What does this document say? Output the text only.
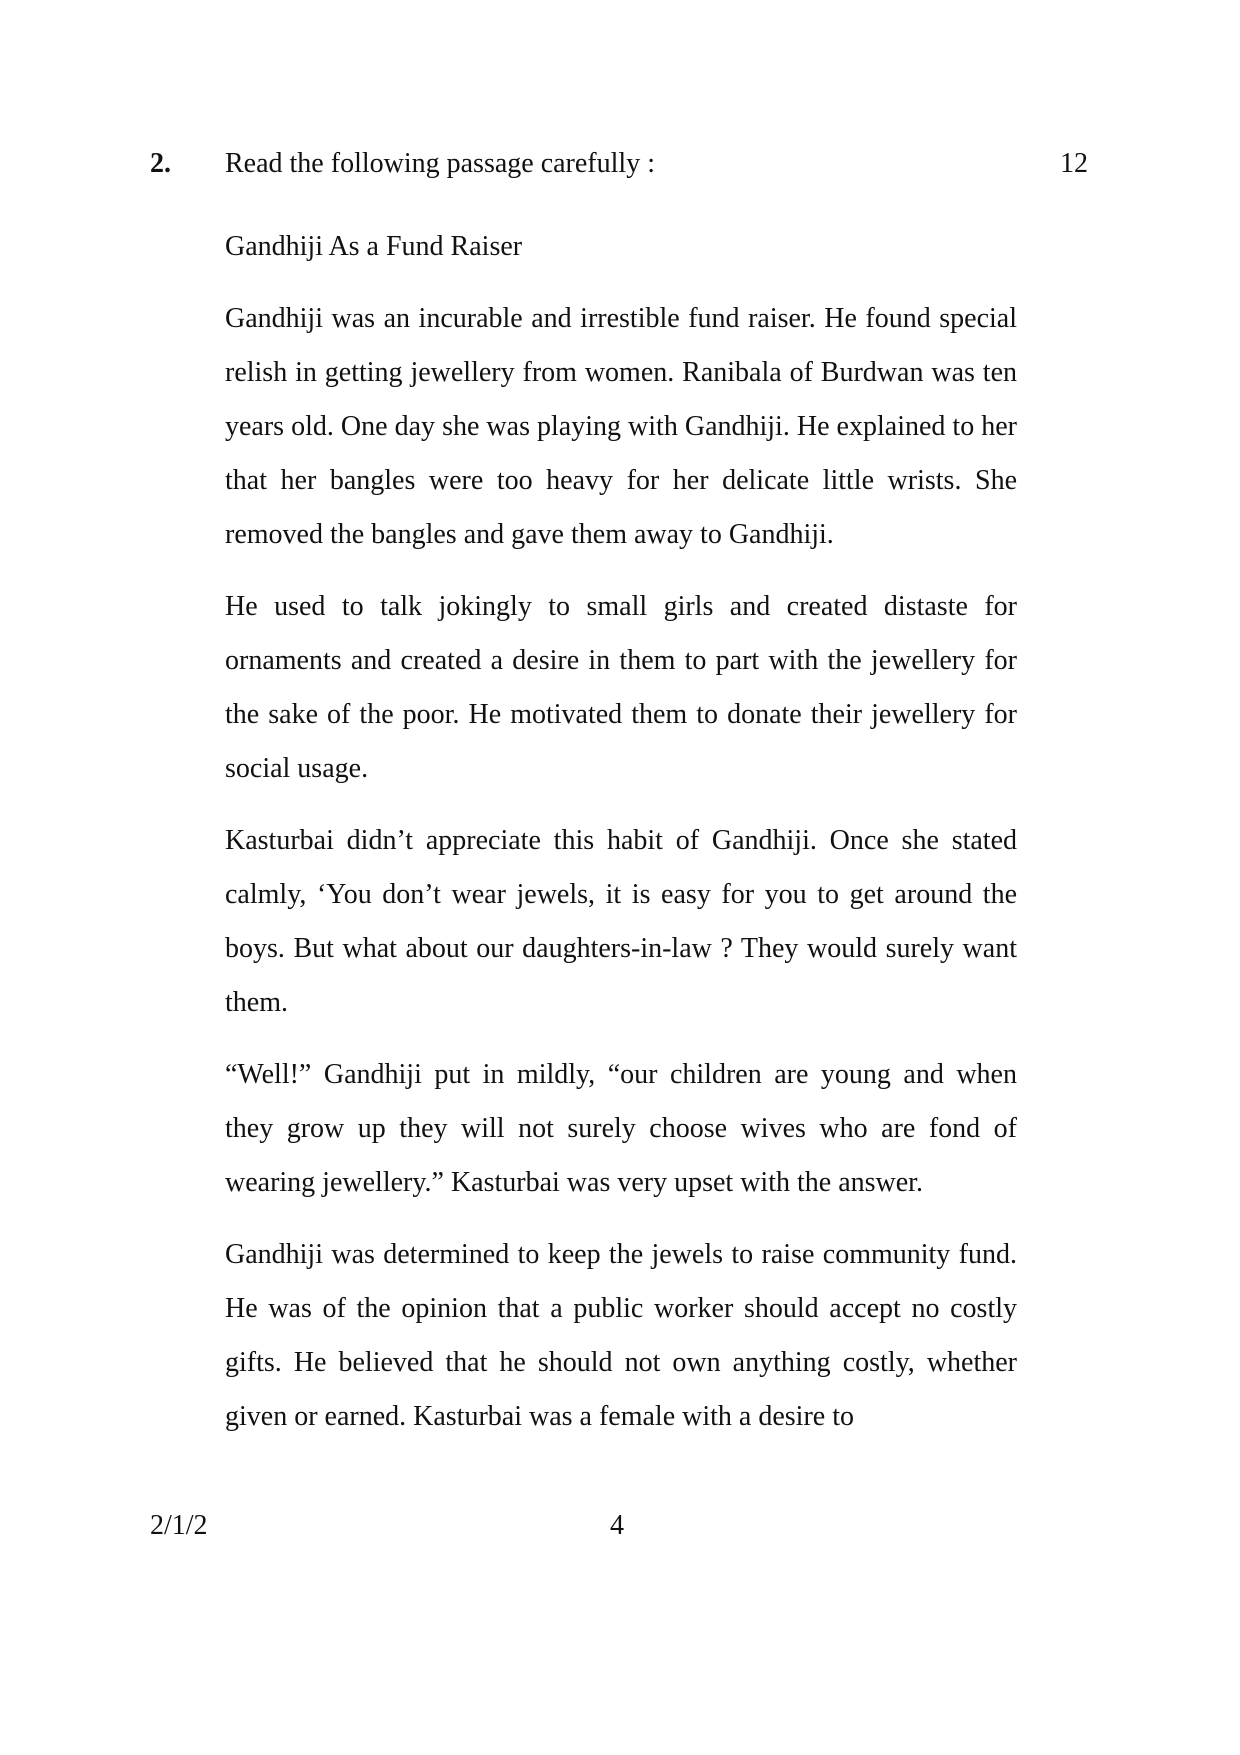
2. Read the following passage carefully :	12

Gandhiji As a Fund Raiser

Gandhiji was an incurable and irrestible fund raiser. He found special relish in getting jewellery from women. Ranibala of Burdwan was ten years old. One day she was playing with Gandhiji. He explained to her that her bangles were too heavy for her delicate little wrists. She removed the bangles and gave them away to Gandhiji.

He used to talk jokingly to small girls and created distaste for ornaments and created a desire in them to part with the jewellery for the sake of the poor. He motivated them to donate their jewellery for social usage.

Kasturbai didn’t appreciate this habit of Gandhiji. Once she stated calmly, ‘You don’t wear jewels, it is easy for you to get around the boys. But what about our daughters-in-law ? They would surely want them.

“Well!” Gandhiji put in mildly, “our children are young and when they grow up they will not surely choose wives who are fond of wearing jewellery.” Kasturbai was very upset with the answer.

Gandhiji was determined to keep the jewels to raise community fund. He was of the opinion that a public worker should accept no costly gifts. He believed that he should not own anything costly, whether given or earned. Kasturbai was a female with a desire to

2/1/2	4
